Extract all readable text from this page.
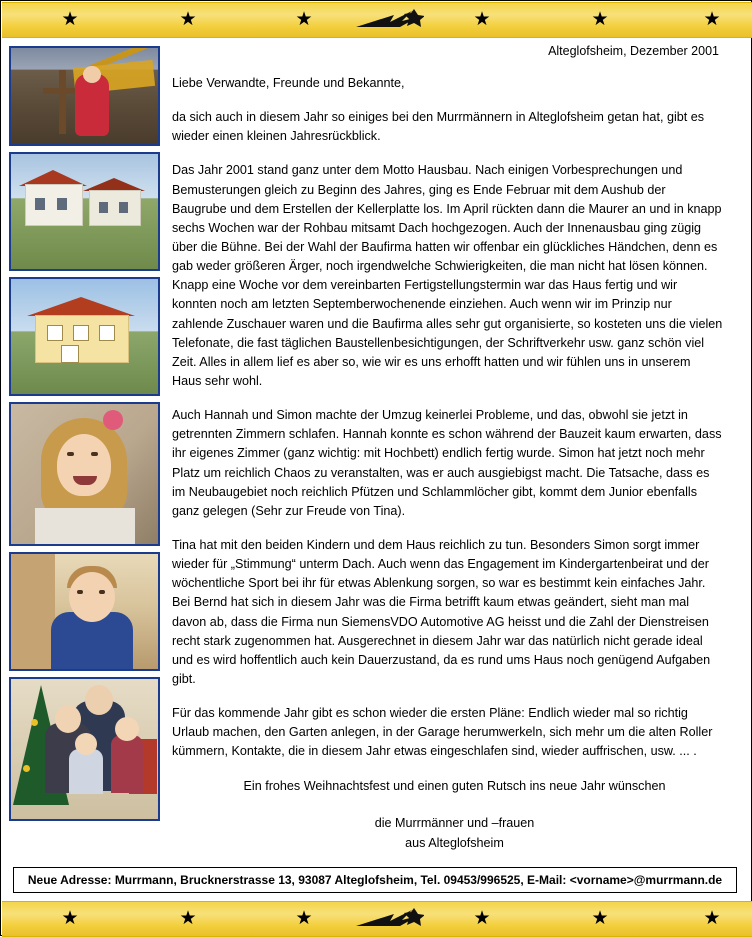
★	★	★	★	★	★
Alteglofsheim, Dezember 2001

Liebe Verwandte, Freunde und Bekannte,

da sich auch in diesem Jahr so einiges bei den Murrmännern in Alteglofsheim getan hat, gibt es wieder einen kleinen Jahresrückblick.

Das Jahr 2001 stand ganz unter dem Motto Hausbau. Nach einigen Vorbesprechungen und Bemusterungen gleich zu Beginn des Jahres, ging es Ende Februar mit dem Aushub der Baugrube und dem Erstellen der Kellerplatte los. Im April rückten dann die Maurer an und in knapp sechs Wochen war der Rohbau mitsamt Dach hochgezogen. Auch der Innenausbau ging zügig über die Bühne. Bei der Wahl der Baufirma hatten wir offenbar ein glückliches Händchen, denn es gab weder größeren Ärger, noch irgendwelche Schwierigkeiten, die man nicht hat lösen können. Knapp eine Woche vor dem vereinbarten Fertigstellungstermin war das Haus fertig und wir konnten noch am letzten Septemberwochenende einziehen. Auch wenn wir im Prinzip nur zahlende Zuschauer waren und die Baufirma alles sehr gut organisierte, so kosteten uns die vielen Telefonate, die fast täglichen Baustellenbesichtigungen, der Schriftverkehr usw. ganz schön viel Zeit. Alles in allem lief es aber so, wie wir es uns erhofft hatten und wir fühlen uns in unserem Haus sehr wohl.

Auch Hannah und Simon machte der Umzug keinerlei Probleme, und das, obwohl sie jetzt in getrennten Zimmern schlafen. Hannah konnte es schon während der Bauzeit kaum erwarten, dass ihr eigenes Zimmer (ganz wichtig: mit Hochbett) endlich fertig wurde. Simon hat jetzt noch mehr Platz um reichlich Chaos zu veranstalten, was er auch ausgiebigst macht. Die Tatsache, dass es im Neubaugebiet noch reichlich Pfützen und Schlammlöcher gibt, kommt dem Junior ebenfalls ganz gelegen (Sehr zur Freude von Tina).

Tina hat mit den beiden Kindern und dem Haus reichlich zu tun. Besonders Simon sorgt immer wieder für „Stimmung“ unterm Dach. Auch wenn das Engagement im Kindergartenbeirat und der wöchentliche Sport bei ihr für etwas Ablenkung sorgen, so war es bestimmt kein einfaches Jahr. Bei Bernd hat sich in diesem Jahr was die Firma betrifft kaum etwas geändert, sieht man mal davon ab, dass die Firma nun SiemensVDO Automotive AG heisst und die Zahl der Dienstreisen recht stark zugenommen hat. Ausgerechnet in diesem Jahr war das natürlich nicht gerade ideal und es wird hoffentlich auch kein Dauerzustand, da es rund ums Haus noch genügend Aufgaben gibt.

Für das kommende Jahr gibt es schon wieder die ersten Pläne: Endlich wieder mal so richtig Urlaub machen, den Garten anlegen, in der Garage herumwerkeln, sich mehr um die alten Roller kümmern, Kontakte, die in diesem Jahr etwas eingeschlafen sind, wieder auffrischen, usw. ... .

Ein frohes Weihnachtsfest und einen guten Rutsch ins neue Jahr wünschen
die Murrmänner und –frauen
aus Alteglofsheim
Neue Adresse: Murrmann, Brucknerstrasse 13, 93087 Alteglofsheim, Tel. 09453/996525, E-Mail: <vorname>@murrmann.de
★	★	★	★	★	★
